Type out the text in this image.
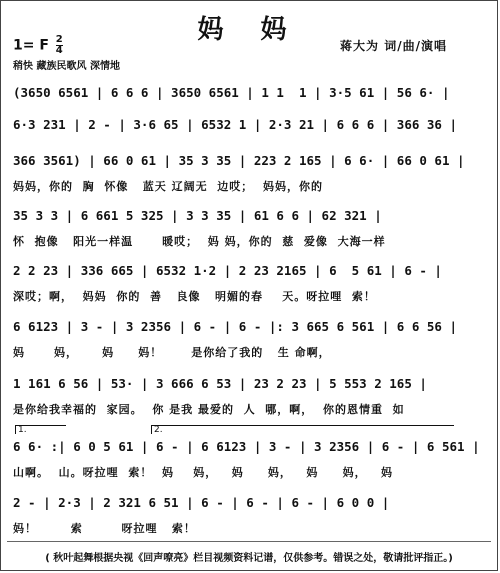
妈 妈
1= F $\frac{2}{4}$	蒋大为 词/曲/演唱
稍快 藏族民歌风 深情地
(3650 6561 | 6 6 6 | 3650 6561 | 1 1  1 | 3·5 61 | 56 6· |
6·3 231 | 2 - | 3·6 65 | 6532 1 | 2·3 21 | 6 6 6 | 366 36 |
366 3561) | 66 0 61 | 35 3 35 | 223 2 165 | 6 6· | 66 0 61 |
妈妈，你的  胸  怀像   蓝天 辽阔无  边哎；  妈妈，你的
35 3 3 | 6 661 5 325 | 3 3 35 | 61 6 6 | 62 321 |
怀  抱像   阳光一样温      暖哎；  妈 妈，你的  慈  爱像  大海一样
2 2 23 | 336 665 | 6532 1·2 | 2 23 2165 | 6  5 61 | 6 - |
深哎；啊，  妈妈  你的  善   良像   明媚的春    天。呀拉哩  索！
6 6123 | 3 - | 3 2356 | 6 - | 6 - |: 3 665 6 561 | 6 6 56 |
妈      妈，     妈     妈！      是你给了我的   生 命啊，
1 161 6 56 | 53· | 3 666 6 53 | 23 2 23 | 5 553 2 165 |
是你给我幸福的  家园。  你 是我 最爱的  人  哪，啊，  你的恩情重  如
1.	2.
6 6· :| 6 0 5 61 | 6 - | 6 6123 | 3 - | 3 2356 | 6 - | 6 561 |
山啊。  山。呀拉哩  索！  妈    妈，   妈     妈，   妈     妈，   妈
2 - | 2·3 | 2 321 6 51 | 6 - | 6 - | 6 - | 6 0 0 |
妈！       索        呀拉哩   索！
( 秋叶起舞根据央视《回声嘹亮》栏目视频资料记谱，仅供参考。错误之处，敬请批评指正。)
